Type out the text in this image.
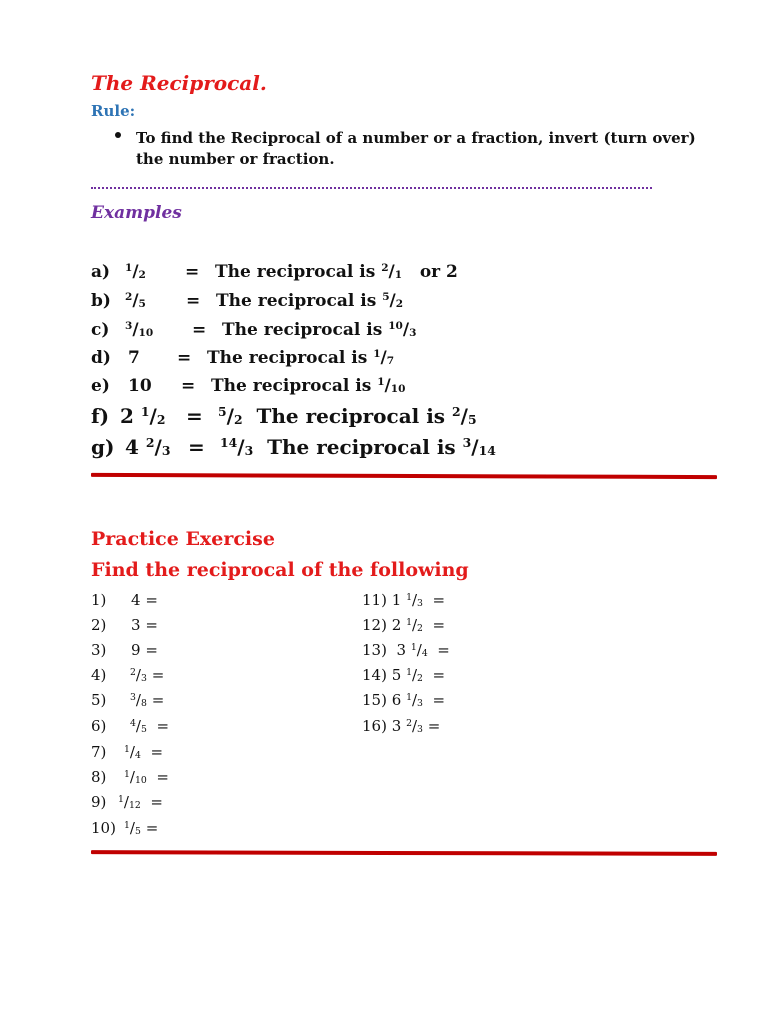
The Reciprocal.
Rule:
To find the Reciprocal of a number or a fraction, invert (turn over) the number or fraction.
Examples
a) $^1/_2$ = The reciprocal is $^2/_1$ or 2
b) $^2/_5$ = The reciprocal is $^5/_2$
c) $^3/_{10}$ = The reciprocal is $^{10}/_3$
d) 7 = The reciprocal is $^1/_7$
e) 10 = The reciprocal is $^1/_{10}$
f) 2 $^1/_2 = ^5/_2$ The reciprocal is $^2/_5$
g) 4 $^2/_3 = ^{14}/_3$ The reciprocal is $^3/_{14}$
Practice Exercise
Find the reciprocal of the following
1) 4 =
2) 3 =
3) 9 =
4)	$^2/_3$ =
5)	$^3/_8$ =
6)	$^4/_5$ =
7) $^1/_4$ =
8) $^1/_{10}$ =
9) $^1/_{12}$ =
10) $^1/_5$ =
11) 1 $^1/_3$ =
12) 2 $^1/_2$ =
13) 3 $^1/_4$ =
14) 5 $^1/_2$ =
15) 6 $^1/_3$ =
16) 3 $^2/_3$ =
